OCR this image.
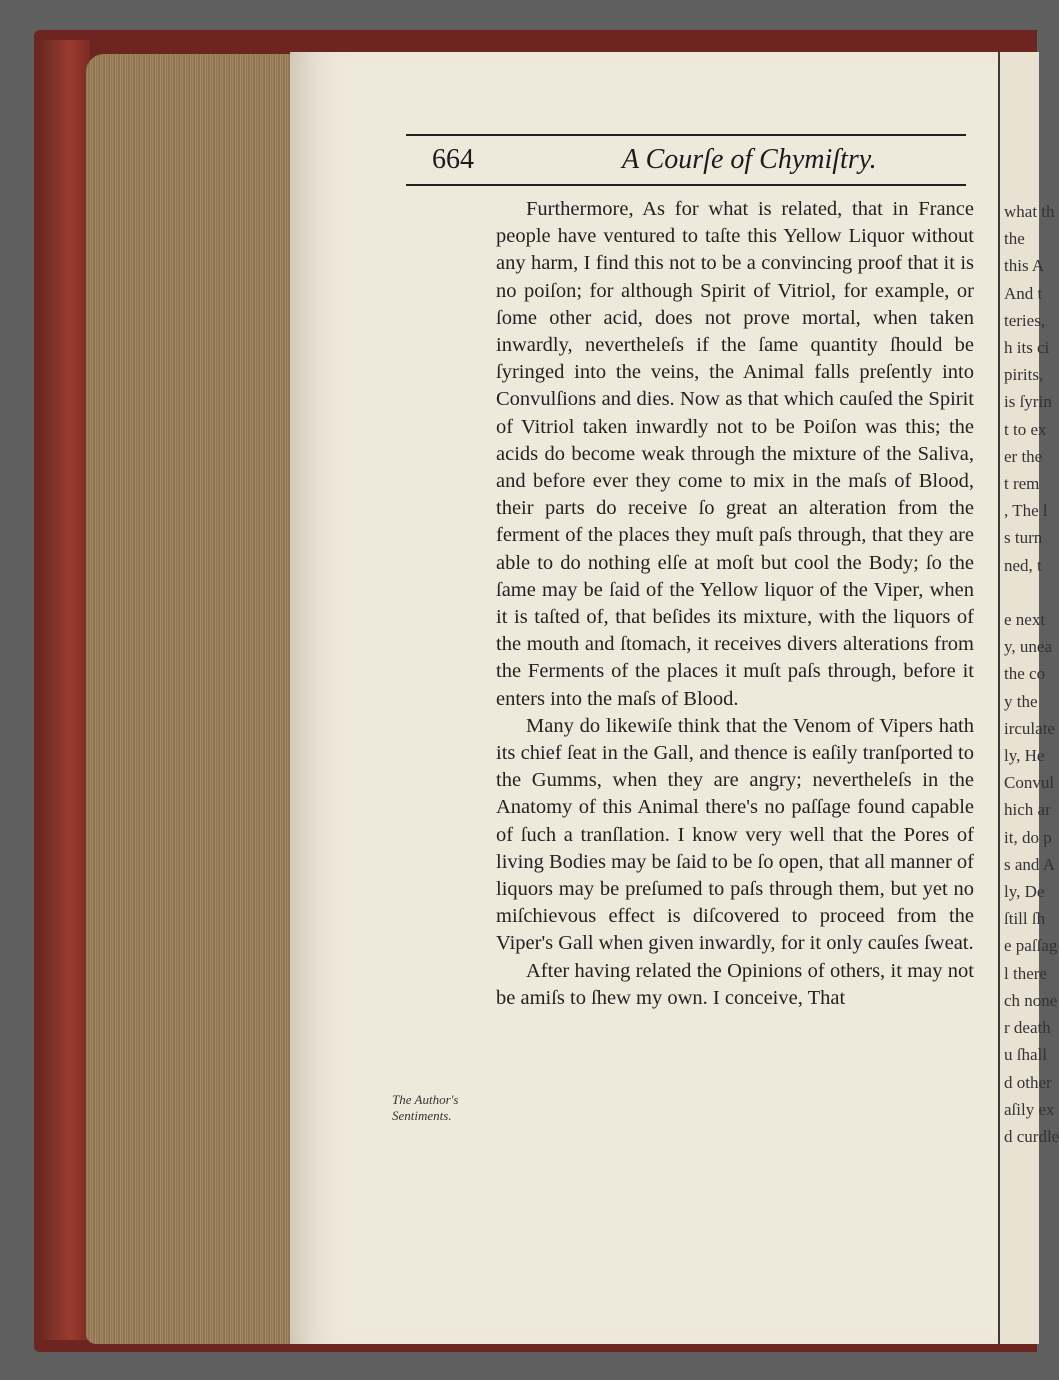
664	A Courſe of Chymiſtry.

Furthermore, As for what is related, that in France people have ventured to taſte this Yellow Liquor without any harm, I find this not to be a convincing proof that it is no poiſon; for although Spirit of Vitriol, for example, or ſome other acid, does not prove mortal, when taken inwardly, nevertheleſs if the ſame quantity ſhould be ſyringed into the veins, the Animal falls preſently into Convulſions and dies. Now as that which cauſed the Spirit of Vitriol taken inwardly not to be Poiſon was this; the acids do become weak through the mixture of the Saliva, and before ever they come to mix in the maſs of Blood, their parts do receive ſo great an alteration from the ferment of the places they muſt paſs through, that they are able to do nothing elſe at moſt but cool the Body; ſo the ſame may be ſaid of the Yellow liquor of the Viper, when it is taſted of, that beſides its mixture, with the liquors of the mouth and ſtomach, it receives divers alterations from the Ferments of the places it muſt paſs through, before it enters into the maſs of Blood.

Many do likewiſe think that the Venom of Vipers hath its chief ſeat in the Gall, and thence is eaſily tranſported to the Gumms, when they are angry; nevertheleſs in the Anatomy of this Animal there's no paſſage found capable of ſuch a tranſlation. I know very well that the Pores of living Bodies may be ſaid to be ſo open, that all manner of liquors may be preſumed to paſs through them, but yet no miſchievous effect is diſcovered to proceed from the Viper's Gall when given inwardly, for it only cauſes ſweat.

After having related the Opinions of others, it may not be amiſs to ſhew my own. I conceive, That

The Author's Sentiments.
what th
the
this A
And t
teries,
h its ci
pirits,
is ſyrin
t to ex
er the
t rem
, The l
s turn
ned, t

e next
y, unea
the co
y the
irculate
ly, He
Convul
hich ar
it, do p
s and A
ly, De
ſtill ſh
e paſſag
l there
ch none
r death
u ſhall
d other
aſily ex
d curdle
